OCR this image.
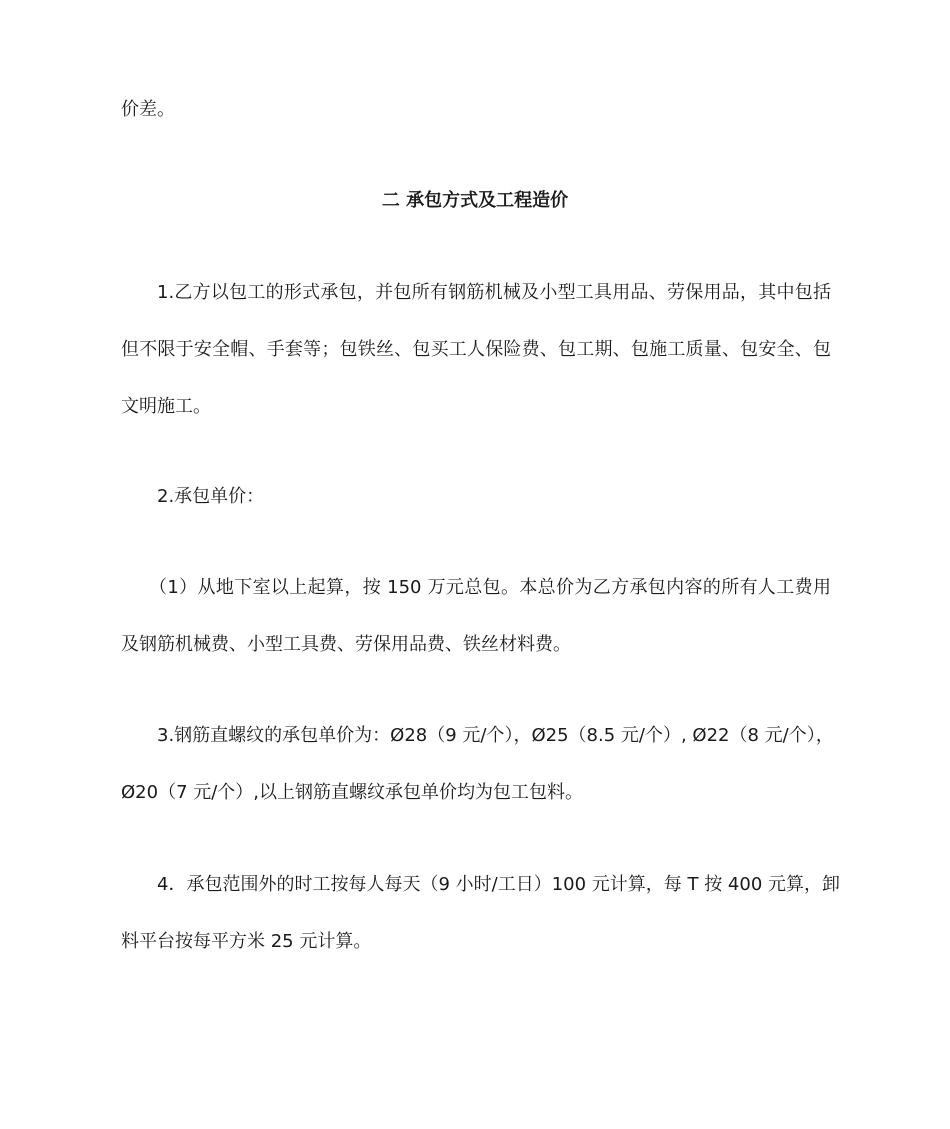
价差。
二 承包方式及工程造价
1.乙方以包工的形式承包，并包所有钢筋机械及小型工具用品、劳保用品，其中包括
但不限于安全帽、手套等；包铁丝、包买工人保险费、包工期、包施工质量、包安全、包
文明施工。
2.承包单价：
（1）从地下室以上起算，按 150 万元总包。本总价为乙方承包内容的所有人工费用
及钢筋机械费、小型工具费、劳保用品费、铁丝材料费。
3.钢筋直螺纹的承包单价为：Ø28（9 元/个），Ø25（8.5 元/个）, Ø22（8 元/个），
Ø20（7 元/个）,以上钢筋直螺纹承包单价均为包工包料。
4．承包范围外的时工按每人每天（9 小时/工日）100 元计算，每 T 按 400 元算，卸
料平台按每平方米 25 元计算。
